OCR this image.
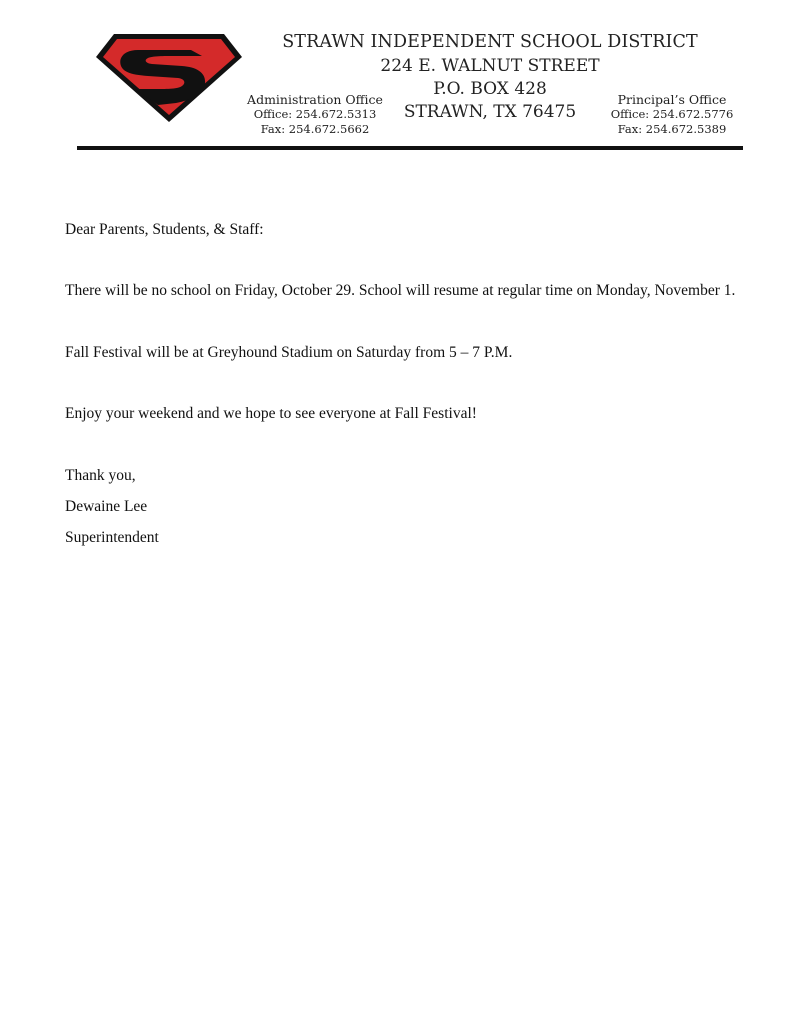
STRAWN INDEPENDENT SCHOOL DISTRICT
224 E. WALNUT STREET
P.O. BOX 428
STRAWN, TX 76475
Administration Office
Office: 254.672.5313
Fax: 254.672.5662
Principal’s Office
Office: 254.672.5776
Fax: 254.672.5389
Dear Parents, Students, & Staff:
There will be no school on Friday, October 29. School will resume at regular time on Monday, November 1.
Fall Festival will be at Greyhound Stadium on Saturday from 5 – 7 P.M.
Enjoy your weekend and we hope to see everyone at Fall Festival!
Thank you,
Dewaine Lee
Superintendent
